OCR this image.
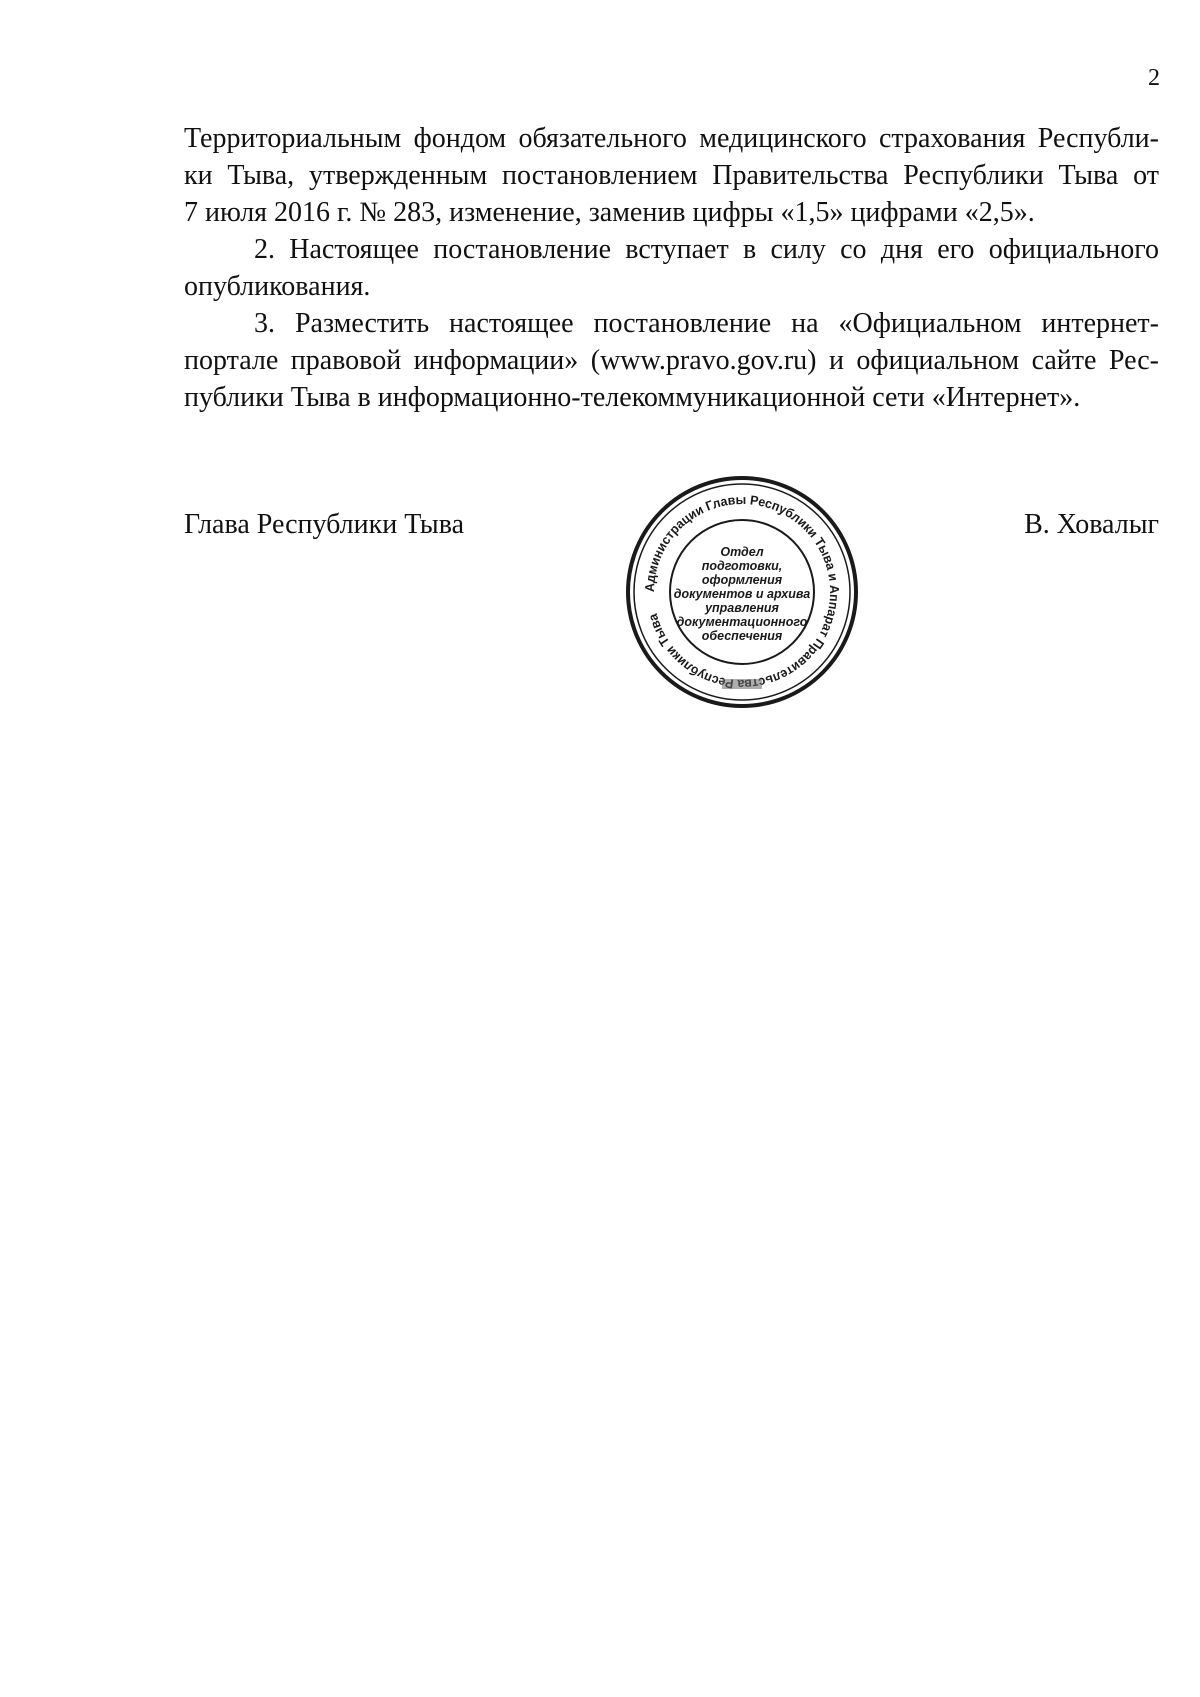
2
Территориальным фондом обязательного медицинского страхования Республи-
ки Тыва, утвержденным постановлением Правительства Республики Тыва от
7 июля 2016 г. № 283, изменение, заменив цифры «1,5» цифрами «2,5».
2. Настоящее постановление вступает в силу со дня его официального
опубликования.
3. Разместить настоящее постановление на «Официальном интернет-
портале правовой информации» (www.pravo.gov.ru) и официальном сайте Рес-
публики Тыва в информационно-телекоммуникационной сети «Интернет».
Глава Республики Тыва
Администрации Главы Республики Тыва и Аппарат Правитель еспублики Тыва
Отдел
подготовки,
оформления
документов и архива
управления
документационного
обеспечения
В. Ховалыг
